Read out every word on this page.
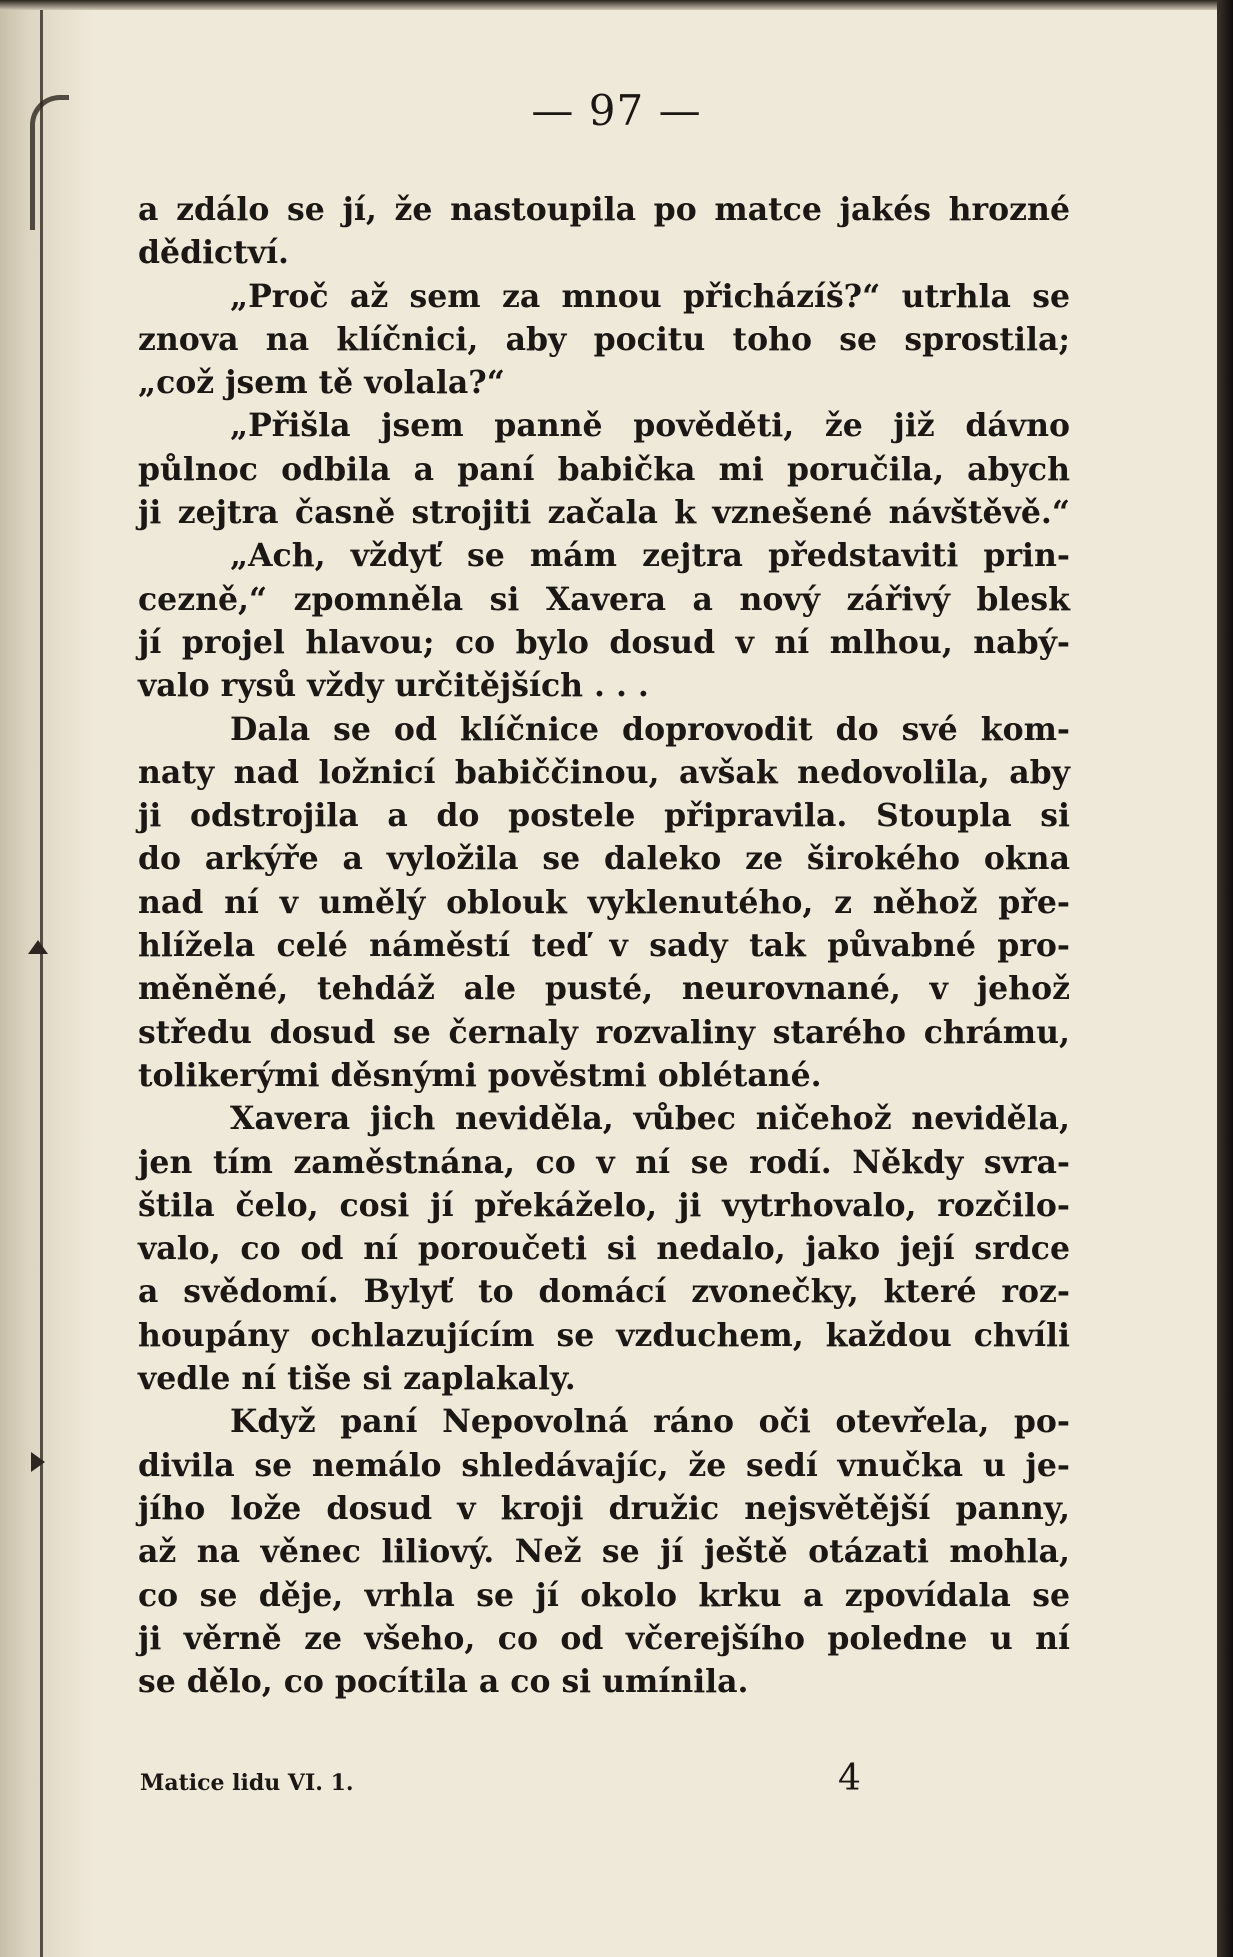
— 97 —
a zdálo se jí, že nastoupila po matce jakés hrozné
dědictví.
„Proč až sem za mnou přicházíš?“ utrhla se
znova na klíčnici, aby pocitu toho se sprostila;
„což jsem tě volala?“
„Přišla jsem panně pověděti, že již dávno
půlnoc odbila a paní babička mi poručila, abych
ji zejtra časně strojiti začala k vznešené návštěvě.“
„Ach, vždyť se mám zejtra představiti prin-
cezně,“ zpomněla si Xavera a nový zářivý blesk
jí projel hlavou; co bylo dosud v ní mlhou, nabý-
valo rysů vždy určitějších . . .
Dala se od klíčnice doprovodit do své kom-
naty nad ložnicí babiččinou, avšak nedovolila, aby
ji odstrojila a do postele připravila. Stoupla si
do arkýře a vyložila se daleko ze širokého okna
nad ní v umělý oblouk vyklenutého, z něhož pře-
hlížela celé náměstí teď v sady tak půvabné pro-
měněné, tehdáž ale pusté, neurovnané, v jehož
středu dosud se černaly rozvaliny starého chrámu,
tolikerými děsnými pověstmi oblétané.
Xavera jich neviděla, vůbec ničehož neviděla,
jen tím zaměstnána, co v ní se rodí. Někdy svra-
štila čelo, cosi jí překáželo, ji vytrhovalo, rozčilo-
valo, co od ní poroučeti si nedalo, jako její srdce
a svědomí. Bylyť to domácí zvonečky, které roz-
houpány ochlazujícím se vzduchem, každou chvíli
vedle ní tiše si zaplakaly.
Když paní Nepovolná ráno oči otevřela, po-
divila se nemálo shledávajíc, že sedí vnučka u je-
jího lože dosud v kroji družic nejsvětější panny,
až na věnec liliový. Než se jí ještě otázati mohla,
co se děje, vrhla se jí okolo krku a zpovídala se
ji věrně ze všeho, co od včerejšího poledne u ní
se dělo, co pocítila a co si umínila.
Matice lidu VI. 1.	4
